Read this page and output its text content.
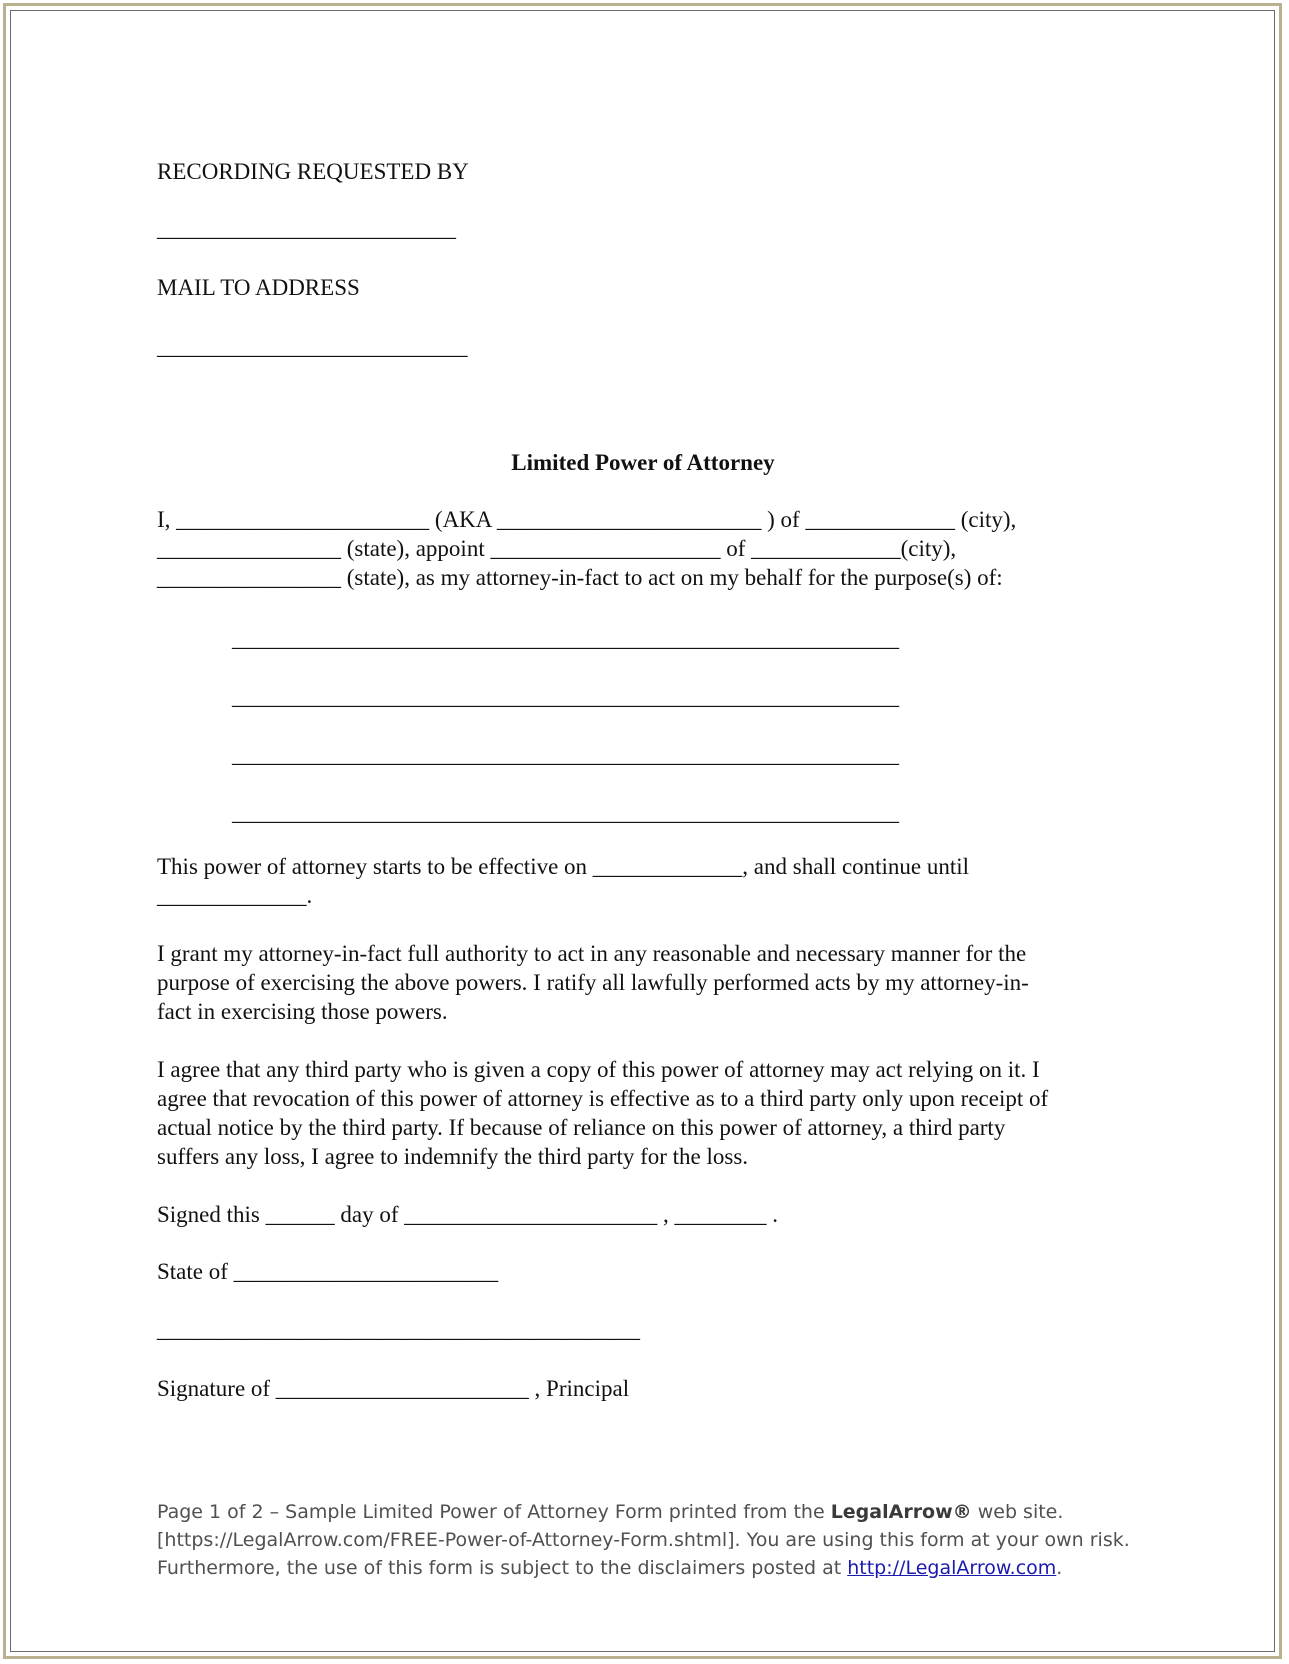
RECORDING REQUESTED BY
__________________________
MAIL TO ADDRESS
___________________________
Limited Power of Attorney
I, ______________________ (AKA _______________________ ) of _____________ (city),
________________ (state), appoint ____________________ of _____________(city),
________________ (state), as my attorney-in-fact to act on my behalf for the purpose(s) of:
__________________________________________________________
__________________________________________________________
__________________________________________________________
__________________________________________________________
This power of attorney starts to be effective on _____________, and shall continue until
_____________.
I grant my attorney-in-fact full authority to act in any reasonable and necessary manner for the
purpose of exercising the above powers. I ratify all lawfully performed acts by my attorney-in-
fact in exercising those powers.
I agree that any third party who is given a copy of this power of attorney may act relying on it. I
agree that revocation of this power of attorney is effective as to a third party only upon receipt of
actual notice by the third party. If because of reliance on this power of attorney, a third party
suffers any loss, I agree to indemnify the third party for the loss.
Signed this ______ day of ______________________ , ________ .
State of _______________________
__________________________________________
Signature of ______________________ , Principal
Page 1 of 2 – Sample Limited Power of Attorney Form printed from the LegalArrow® web site.
[https://LegalArrow.com/FREE-Power-of-Attorney-Form.shtml]. You are using this form at your own risk.
Furthermore, the use of this form is subject to the disclaimers posted at http://LegalArrow.com.
